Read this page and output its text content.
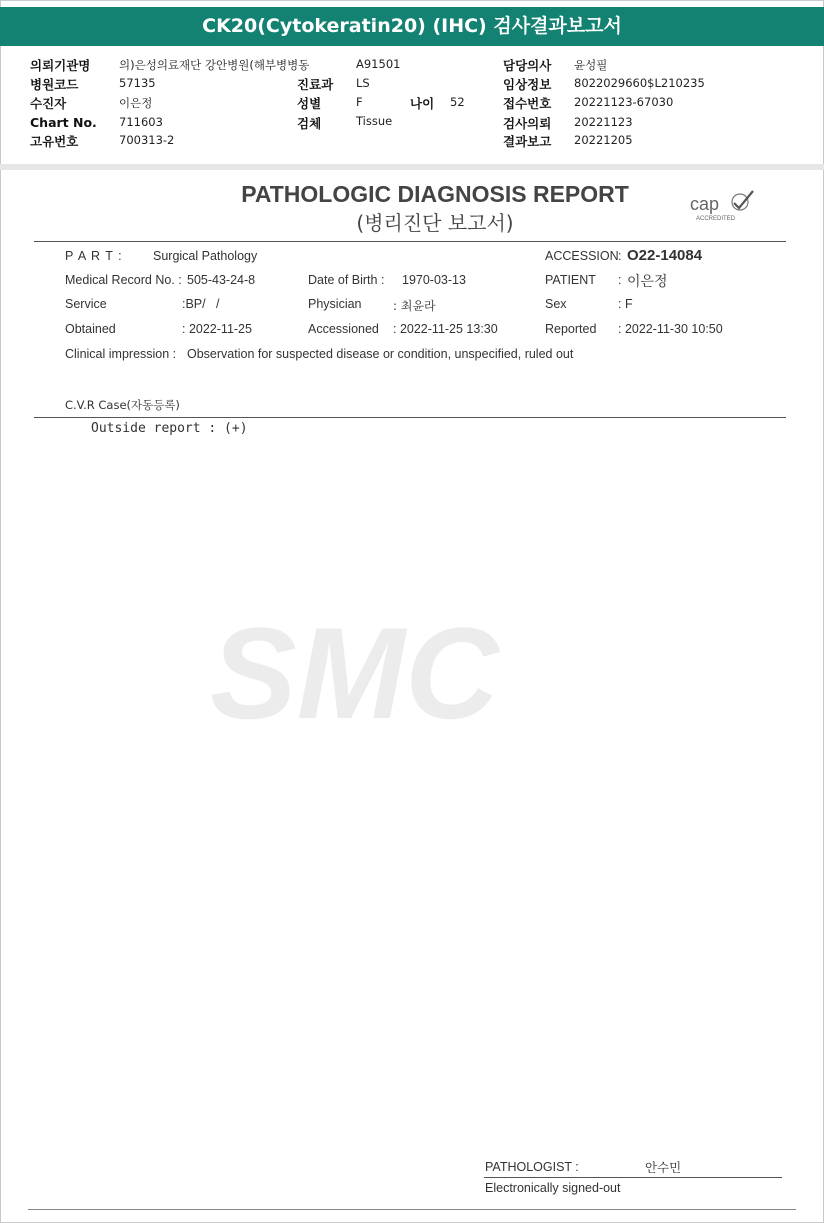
CK20(Cytokeratin20) (IHC) 검사결과보고서
의뢰기관명 의)은성의료재단 강안병원(해부병병동	A91501	담당의사 윤성필
병원코드	57135	진료과 LS	임상정보 8022029660$L210235
수진자	이은정	성별	F	나이 52	접수번호 20221123-67030
Chart No. 711603	검체	Tissue	검사의뢰 20221123
고유번호	700313-2	결과보고 20221205
PATHOLOGIC DIAGNOSIS REPORT
(병리진단 보고서)
cap
ACCREDITED
P A R T : Surgical Pathology	ACCESSION : O22-14084
Medical Record No. : 505-43-24-8	Date of Birth : 1970-03-13	PATIENT : 이은정
Service	:BP/   /	Physician	: 최윤라	Sex	: F
Obtained	: 2022-11-25	Accessioned : 2022-11-25 13:30	Reported : 2022-11-30 10:50
Clinical impression : Observation for suspected disease or condition, unspecified, ruled out
C.V.R Case(자동등록)
Outside report : (+)
SMC
PATHOLOGIST :	안수민
Electronically signed-out
